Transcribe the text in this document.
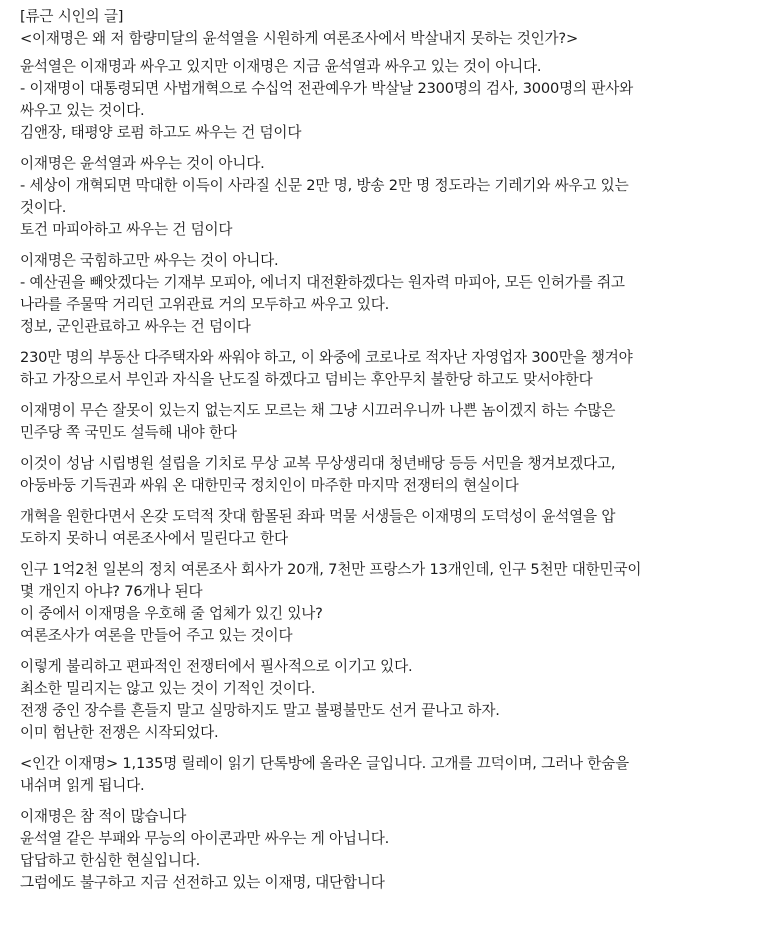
[류근 시인의 글]
<이재명은 왜 저 함량미달의 윤석열을 시원하게 여론조사에서 박살내지 못하는 것인가?>
윤석열은 이재명과 싸우고 있지만 이재명은 지금 윤석열과 싸우고 있는 것이 아니다.
- 이재명이 대통령되면 사법개혁으로 수십억 전관예우가 박살날 2300명의 검사, 3000명의 판사와
싸우고 있는 것이다.
김앤장, 태평양 로펌 하고도 싸우는 건 덤이다
이재명은 윤석열과 싸우는 것이 아니다.
- 세상이 개혁되면 막대한 이득이 사라질 신문 2만 명, 방송 2만 명 정도라는 기레기와 싸우고 있는
것이다.
토건 마피아하고 싸우는 건 덤이다
이재명은 국힘하고만 싸우는 것이 아니다.
- 예산권을 빼앗겠다는 기재부 모피아, 에너지 대전환하겠다는 원자력 마피아, 모든 인허가를 쥐고
나라를 주물딱 거리던 고위관료 거의 모두하고 싸우고 있다.
정보, 군인관료하고 싸우는 건 덤이다
230만 명의 부동산 다주택자와 싸워야 하고, 이 와중에 코로나로 적자난 자영업자 300만을 챙겨야
하고 가장으로서 부인과 자식을 난도질 하겠다고 덤비는 후안무치 불한당 하고도 맞서야한다
이재명이 무슨 잘못이 있는지 없는지도 모르는 채 그냥 시끄러우니까 나쁜 놈이겠지 하는 수많은
민주당 쪽 국민도 설득해 내야 한다
이것이 성남 시립병원 설립을 기치로 무상 교복 무상생리대 청년배당 등등 서민을 챙겨보겠다고,
아둥바둥 기득권과 싸워 온 대한민국 정치인이 마주한 마지막 전쟁터의 현실이다
개혁을 원한다면서 온갖 도덕적 잣대 함몰된 좌파 먹물 서생들은 이재명의 도덕성이 윤석열을 압
도하지 못하니 여론조사에서 밀린다고 한다
인구 1억2천 일본의 정치 여론조사 회사가 20개, 7천만 프랑스가 13개인데, 인구 5천만 대한민국이
몇 개인지 아냐? 76개나 된다
이 중에서 이재명을 우호해 줄 업체가 있긴 있나?
여론조사가 여론을 만들어 주고 있는 것이다
이렇게 불리하고 편파적인 전쟁터에서 필사적으로 이기고 있다.
최소한 밀리지는 않고 있는 것이 기적인 것이다.
전쟁 중인 장수를 흔들지 말고 실망하지도 말고 불평불만도 선거 끝나고 하자.
이미 험난한 전쟁은 시작되었다.
<인간 이재명> 1,135명 릴레이 읽기 단톡방에 올라온 글입니다. 고개를 끄덕이며, 그러나 한숨을
내쉬며 읽게 됩니다.
이재명은 참 적이 많습니다
윤석열 같은 부패와 무능의 아이콘과만 싸우는 게 아닙니다.
답답하고 한심한 현실입니다.
그럼에도 불구하고 지금 선전하고 있는 이재명, 대단합니다
